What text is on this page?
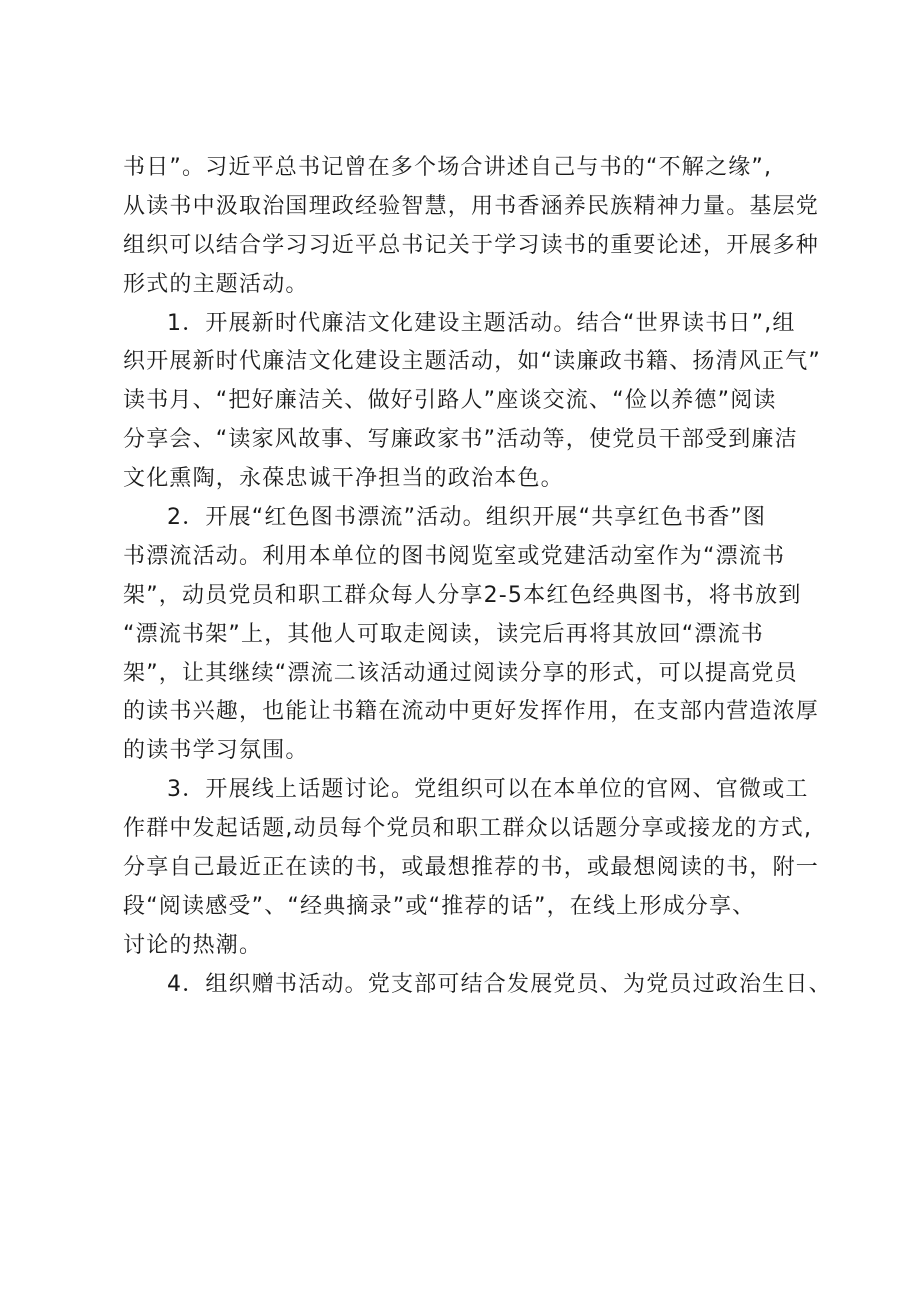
书日”。习近平总书记曾在多个场合讲述自己与书的“不解之缘”,
从读书中汲取治国理政经验智慧，用书香涵养民族精神力量。基层党
组织可以结合学习习近平总书记关于学习读书的重要论述，开展多种
形式的主题活动。
1．开展新时代廉洁文化建设主题活动。结合“世界读书日”,组
织开展新时代廉洁文化建设主题活动，如“读廉政书籍、扬清风正气”
读书月、“把好廉洁关、做好引路人”座谈交流、“俭以养德”阅读
分享会、“读家风故事、写廉政家书”活动等，使党员干部受到廉洁
文化熏陶，永葆忠诚干净担当的政治本色。
2．开展“红色图书漂流”活动。组织开展“共享红色书香”图
书漂流活动。利用本单位的图书阅览室或党建活动室作为“漂流书
架”，动员党员和职工群众每人分享2-5本红色经典图书，将书放到
“漂流书架”上，其他人可取走阅读，读完后再将其放回“漂流书
架”，让其继续“漂流二该活动通过阅读分享的形式，可以提高党员
的读书兴趣，也能让书籍在流动中更好发挥作用，在支部内营造浓厚
的读书学习氛围。
3．开展线上话题讨论。党组织可以在本单位的官网、官微或工
作群中发起话题,动员每个党员和职工群众以话题分享或接龙的方式,
分享自己最近正在读的书，或最想推荐的书，或最想阅读的书，附一
段“阅读感受”、“经典摘录”或“推荐的话”，在线上形成分享、
讨论的热潮。
4．组织赠书活动。党支部可结合发展党员、为党员过政治生日、
